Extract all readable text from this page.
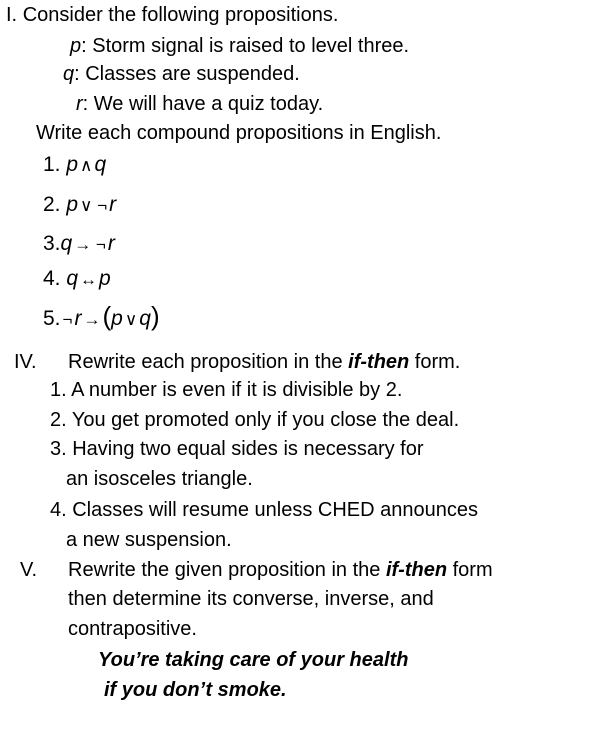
I. Consider the following propositions.
p: Storm signal is raised to level three.
q: Classes are suspended.
r: We will have a quiz today.
Write each compound propositions in English.
1. p ∧q
2. p ∨ ¬r
3.q → ¬r
4. q ↔p
5. ¬r →(p ∨q)
IV. Rewrite each proposition in the if-then form.
1. A number is even if it is divisible by 2.
2. You get promoted only if you close the deal.
3. Having two equal sides is necessary for
an isosceles triangle.
4. Classes will resume unless CHED announces
a new suspension.
V. Rewrite the given proposition in the if-then form
then determine its converse, inverse, and
contrapositive.
You’re taking care of your health
if you don’t smoke.
